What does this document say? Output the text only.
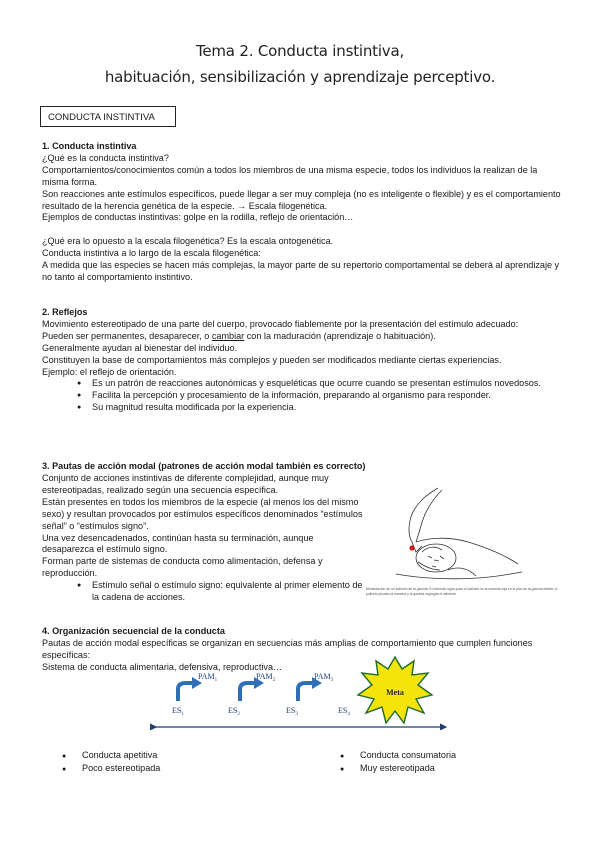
Tema 2. Conducta instintiva,
habituación, sensibilización y aprendizaje perceptivo.
CONDUCTA INSTINTIVA
1. Conducta instintiva

¿Qué es la conducta instintiva?

Comportamientos/conocimientos común a todos los miembros de una misma especie, todos los individuos la realizan de la misma forma.

Son reacciones ante estímulos específicos, puede llegar a ser muy compleja (no es inteligente o flexible) y es el comportamiento resultado de la herencia genética de la especie. → Escala filogenética.

Ejemplos de conductas instintivas: golpe en la rodilla, reflejo de orientación…

¿Qué era lo opuesto a la escala filogenética? Es la escala ontogenética.

Conducta instintiva a lo largo de la escala filogenética:

A medida que las especies se hacen más complejas, la mayor parte de su repertorio comportamental se deberá al aprendizaje y no tanto al comportamiento instintivo.

2. Reflejos

Movimiento estereotipado de una parte del cuerpo, provocado fiablemente por la presentación del estímulo adecuado:

Pueden ser permanentes, desaparecer, o cambiar con la maduración (aprendizaje o habituación).

Generalmente ayudan al bienestar del individuo.

Constituyen la base de comportamientos más complejos y pueden ser modificados mediante ciertas experiencias.

Ejemplo: el reflejo de orientación.

● Es un patrón de reacciones autonómicas y esqueléticas que ocurre cuando se presentan estímulos novedosos.
● Facilita la percepción y procesamiento de la información, preparando al organismo para responder.
● Su magnitud resulta modificada por la experiencia.
3. Pautas de acción modal (patrones de acción modal también es correcto)

Conjunto de acciones instintivas de diferente complejidad, aunque muy estereotipadas, realizado según una secuencia específica.

Están presentes en todos los miembros de la especie (al menos los del mismo sexo) y resultan provocados por estímulos específicos denominados “estímulos señal” o “estímulos signo”.

Una vez desencadenados, continúan hasta su terminación, aunque desaparezca el estímulo signo.

Forman parte de sistemas de conducta como alimentación, defensa y reproducción.

● Estímulo señal o estímulo signo: equivalente al primer elemento de la cadena de acciones.
Alimentación de un polluelo de la gaviota. El estímulo signo para el polluelo es la mancha roja en el pico de la gaviota adulta; el polluelo picotea la mancha y la gaviota regurgita el alimento.
4. Organización secuencial de la conducta

Pautas de acción modal específicas se organizan en secuencias más amplias de comportamiento que cumplen funciones específicas:

Sistema de conducta alimentaria, defensiva, reproductiva…

$PAM_1$	$PAM_2$	$PAM_3$
$ES_1$	$ES_2$	$ES_3$	$ES_4$
Meta
● Conducta apetitiva
● Poco estereotipada
● Conducta consumatoria
● Muy estereotipada
